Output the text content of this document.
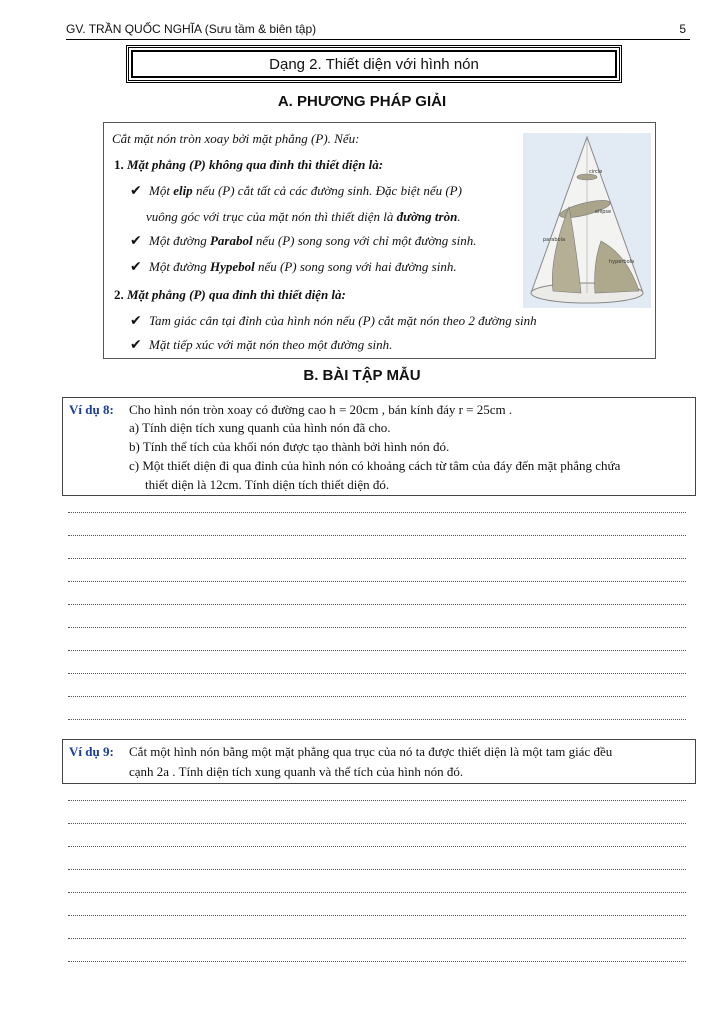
GV. TRẦN QUỐC NGHĨA (Sưu tầm & biên tập)	5
Dạng 2. Thiết diện với hình nón
A. PHƯƠNG PHÁP GIẢI
Cắt mặt nón tròn xoay bởi mặt phẳng (P). Nếu:
1. Mặt phẳng (P) không qua đỉnh thì thiết diện là:
✔ Một elip nếu (P) cắt tất cả các đường sinh. Đặc biệt nếu (P)
vuông góc với trục của mặt nón thì thiết diện là đường tròn.
✔ Một đường Parabol nếu (P) song song với chỉ một đường sinh.
✔ Một đường Hypebol nếu (P) song song với hai đường sinh.
2. Mặt phẳng (P) qua đỉnh thì thiết diện là:
✔ Tam giác cân tại đỉnh của hình nón nếu (P) cắt mặt nón theo 2 đường sinh
✔ Mặt tiếp xúc với mặt nón theo một đường sinh.
circle
ellipse
parabola
hyperbola
B. BÀI TẬP MẪU
Ví dụ 8: Cho hình nón tròn xoay có đường cao h = 20cm , bán kính đáy r = 25cm .
a) Tính diện tích xung quanh của hình nón đã cho.
b) Tính thể tích của khối nón được tạo thành bởi hình nón đó.
c) Một thiết diện đi qua đỉnh của hình nón có khoảng cách từ tâm của đáy đến mặt phẳng chứa
thiết diện là 12cm. Tính diện tích thiết diện đó.
Ví dụ 9: Cắt một hình nón bằng một mặt phẳng qua trục của nó ta được thiết diện là một tam giác đều
cạnh 2a . Tính diện tích xung quanh và thể tích của hình nón đó.
